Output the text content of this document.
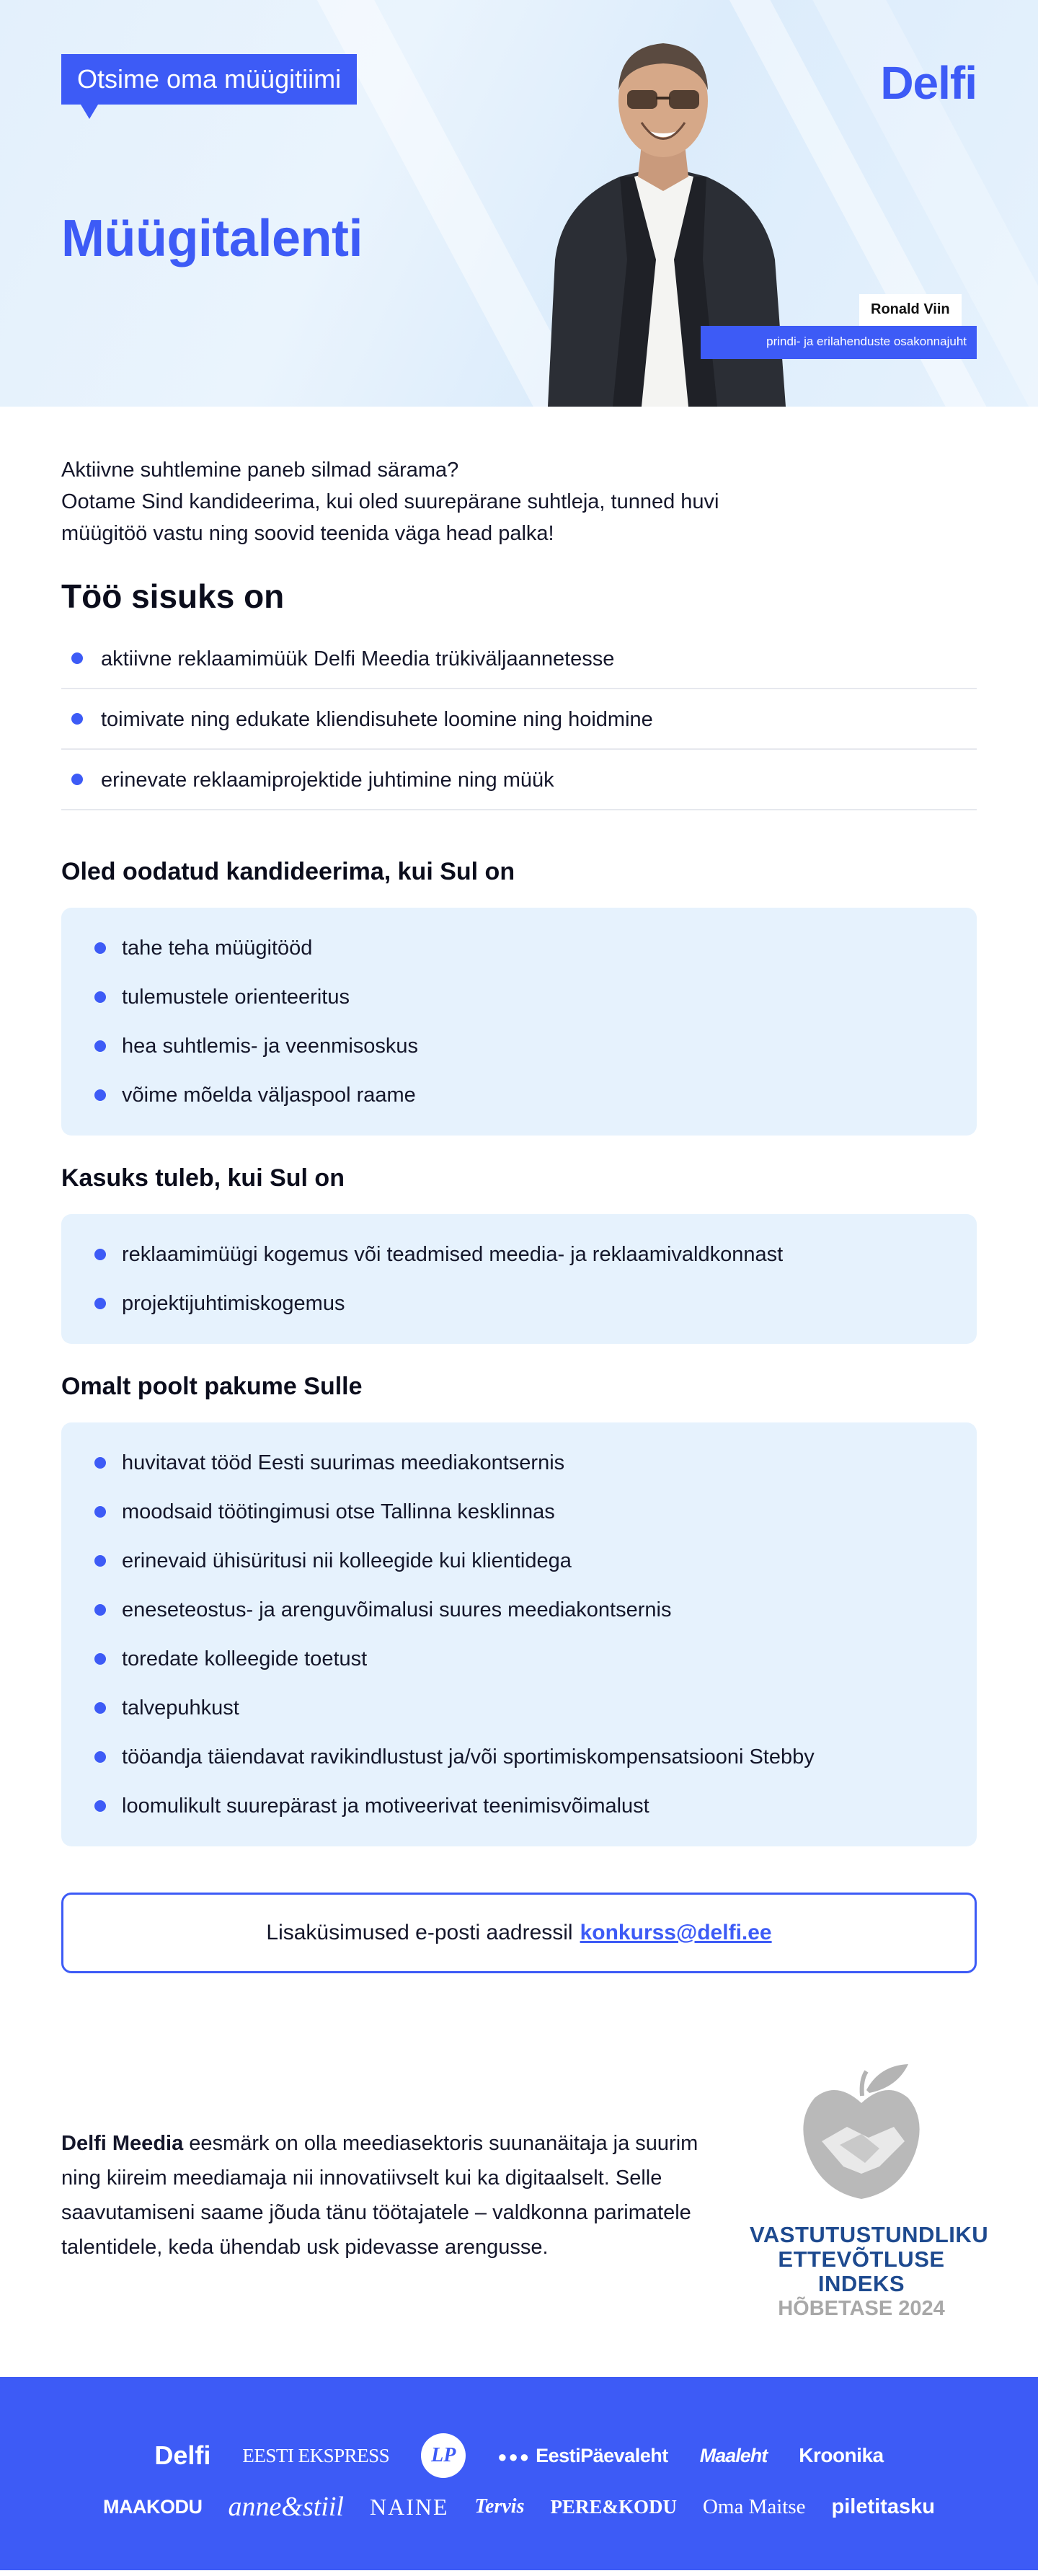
Otsime oma müügitiimi
Müügitalenti
Delfi
Ronald Viin
prindi- ja erilahenduste osakonnajuht

Aktiivne suhtlemine paneb silmad särama?
Ootame Sind kandideerima, kui oled suurepärane suhtleja, tunned huvi
müügitöö vastu ning soovid teenida väga head palka!

Töö sisuks on
aktiivne reklaamimüük Delfi Meedia trükiväljaannetesse
toimivate ning edukate kliendisuhete loomine ning hoidmine
erinevate reklaamiprojektide juhtimine ning müük
Oled oodatud kandideerima, kui Sul on
tahe teha müügitööd
tulemustele orienteeritus
hea suhtlemis- ja veenmisoskus
võime mõelda väljaspool raame
Kasuks tuleb, kui Sul on
reklaamimüügi kogemus või teadmised meedia- ja reklaamivaldkonnast
projektijuhtimiskogemus
Omalt poolt pakume Sulle
huvitavat tööd Eesti suurimas meediakontsernis
moodsaid töötingimusi otse Tallinna kesklinnas
erinevaid ühisüritusi nii kolleegide kui klientidega
eneseteostus- ja arenguvõimalusi suures meediakontsernis
toredate kolleegide toetust
talvepuhkust
tööandja täiendavat ravikindlustust ja/või sportimiskompensatsiooni Stebby
loomulikult suurepärast ja motiveerivat teenimisvõimalust
Lisaküsimused e-posti aadressil konkurss@delfi.ee

Delfi Meedia eesmärk on olla meediasektoris suunanäitaja ja suurim ning kiireim meediamaja nii innovatiivselt kui ka digitaalselt. Selle saavutamiseni saame jõuda tänu töötajatele – valdkonna parimatele talentidele, keda ühendab usk pidevasse arengusse.	VASTUTUSTUNDLIKU
ETTEVÕTLUSE INDEKS
HÕBETASE 2024
Delfi EESTI EKSPRESS	LP	●●● EestiPäevaleht Maaleht Kroonika
MAAKODU anne&stiil NAINE Tervis PERE&KODU Oma Maitse piletitasku
